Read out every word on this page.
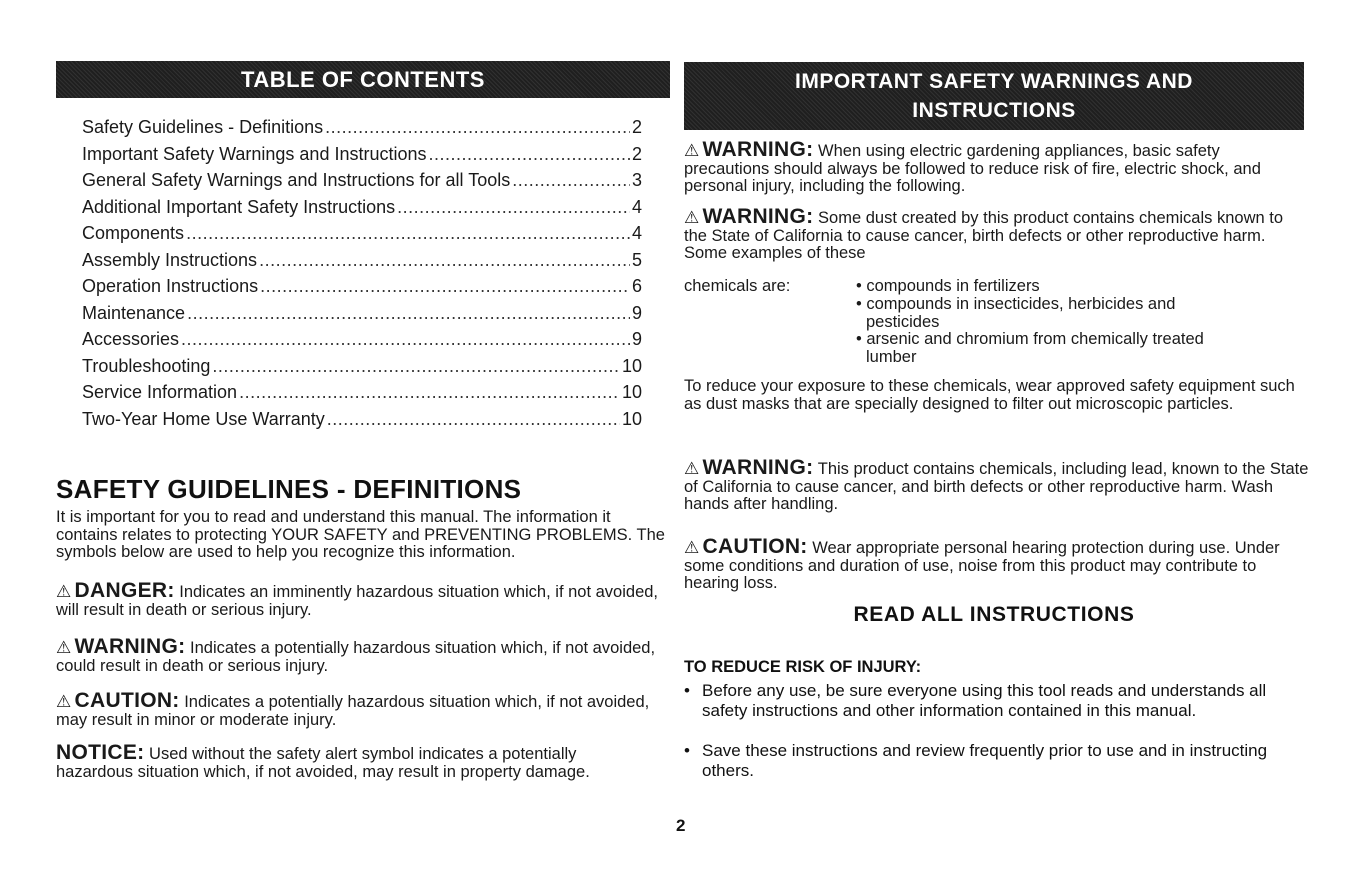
TABLE OF CONTENTS
Safety Guidelines - Definitions .....	2
Important Safety Warnings and Instructions .....	2
General Safety Warnings and Instructions for all Tools .....	3
Additional Important Safety Instructions .....	4
Components .....	4
Assembly Instructions .....	5
Operation Instructions .....	6
Maintenance .....	9
Accessories .....	9
Troubleshooting .....	10
Service Information .....	10
Two-Year Home Use Warranty .....	10
SAFETY GUIDELINES - DEFINITIONS
It is important for you to read and understand this manual. The information it contains relates to protecting YOUR SAFETY and PREVENTING PROBLEMS. The symbols below are used to help you recognize this information.
⚠ DANGER: Indicates an imminently hazardous situation which, if not avoided, will result in death or serious injury.
⚠ WARNING: Indicates a potentially hazardous situation which, if not avoided, could result in death or serious injury.
⚠ CAUTION: Indicates a potentially hazardous situation which, if not avoided, may result in minor or moderate injury.
NOTICE: Used without the safety alert symbol indicates a potentially hazardous situation which, if not avoided, may result in property damage.
IMPORTANT SAFETY WARNINGS AND
INSTRUCTIONS
⚠ WARNING: When using electric gardening appliances, basic safety precautions should always be followed to reduce risk of fire, electric shock, and personal injury, including the following.
⚠ WARNING: Some dust created by this product contains chemicals known to the State of California to cause cancer, birth defects or other reproductive harm. Some examples of these
chemicals are:	• compounds in fertilizers
• compounds in insecticides, herbicides and
pesticides
• arsenic and chromium from chemically treated
lumber
To reduce your exposure to these chemicals, wear approved safety equipment such as dust masks that are specially designed to filter out microscopic particles.
⚠ WARNING: This product contains chemicals, including lead, known to the State of California to cause cancer, and birth defects or other reproductive harm. Wash hands after handling.
⚠ CAUTION: Wear appropriate personal hearing protection during use. Under some conditions and duration of use, noise from this product may contribute to hearing loss.
READ ALL INSTRUCTIONS
TO REDUCE RISK OF INJURY:
• Before any use, be sure everyone using this tool reads and understands all safety instructions and other information contained in this manual.
• Save these instructions and review frequently prior to use and in instructing others.
2
